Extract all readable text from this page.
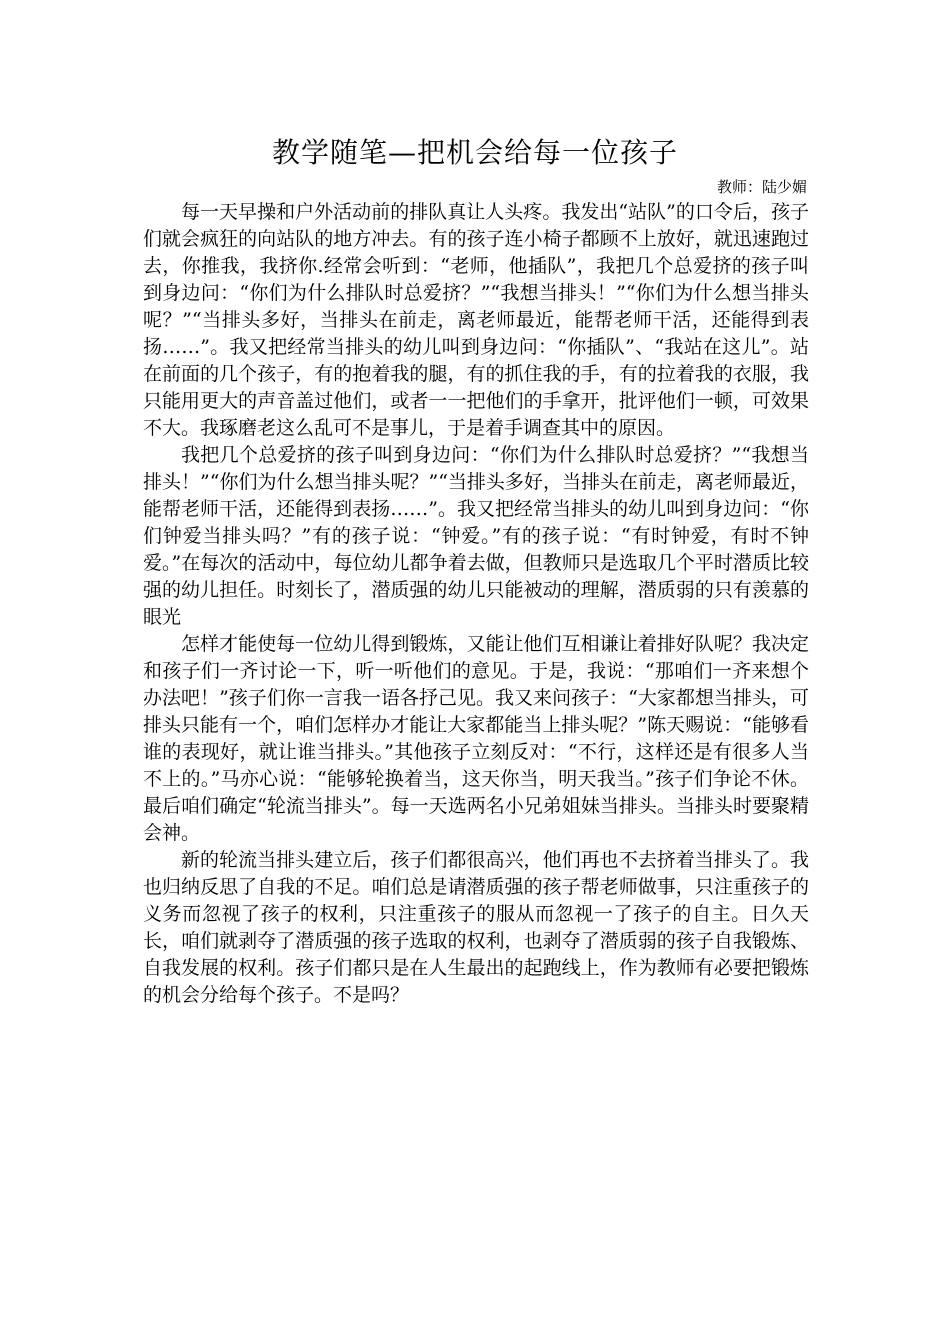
教学随笔—把机会给每一位孩子

教师：陆少媚

每一天早操和户外活动前的排队真让人头疼。我发出“站队”的口令后，孩子们就会疯狂的向站队的地方冲去。有的孩子连小椅子都顾不上放好，就迅速跑过去，你推我，我挤你.经常会听到：“老师，他插队”，我把几个总爱挤的孩子叫到身边问：“你们为什么排队时总爱挤？”“我想当排头！”“你们为什么想当排头呢？”“当排头多好，当排头在前走，离老师最近，能帮老师干活，还能得到表扬……”。我又把经常当排头的幼儿叫到身边问：“你插队”、“我站在这儿”。站在前面的几个孩子，有的抱着我的腿，有的抓住我的手，有的拉着我的衣服，我只能用更大的声音盖过他们，或者一一把他们的手拿开，批评他们一顿，可效果不大。我琢磨老这么乱可不是事儿，于是着手调查其中的原因。

我把几个总爱挤的孩子叫到身边问：“你们为什么排队时总爱挤？”“我想当排头！”“你们为什么想当排头呢？”“当排头多好，当排头在前走，离老师最近，能帮老师干活，还能得到表扬……”。我又把经常当排头的幼儿叫到身边问：“你们钟爱当排头吗？”有的孩子说：“钟爱。”有的孩子说：“有时钟爱，有时不钟爱。”在每次的活动中，每位幼儿都争着去做，但教师只是选取几个平时潜质比较强的幼儿担任。时刻长了，潜质强的幼儿只能被动的理解，潜质弱的只有羡慕的眼光

怎样才能使每一位幼儿得到锻炼，又能让他们互相谦让着排好队呢？我决定和孩子们一齐讨论一下，听一听他们的意见。于是，我说：“那咱们一齐来想个办法吧！”孩子们你一言我一语各抒己见。我又来问孩子：“大家都想当排头，可排头只能有一个，咱们怎样办才能让大家都能当上排头呢？”陈天赐说：“能够看谁的表现好，就让谁当排头。”其他孩子立刻反对：“不行，这样还是有很多人当不上的。”马亦心说：“能够轮换着当，这天你当，明天我当。”孩子们争论不休。最后咱们确定“轮流当排头”。每一天选两名小兄弟姐妹当排头。当排头时要聚精会神。

新的轮流当排头建立后，孩子们都很高兴，他们再也不去挤着当排头了。我也归纳反思了自我的不足。咱们总是请潜质强的孩子帮老师做事，只注重孩子的义务而忽视了孩子的权利，只注重孩子的服从而忽视一了孩子的自主。日久天长，咱们就剥夺了潜质强的孩子选取的权利，也剥夺了潜质弱的孩子自我锻炼、自我发展的权利。孩子们都只是在人生最出的起跑线上，作为教师有必要把锻炼的机会分给每个孩子。不是吗？
